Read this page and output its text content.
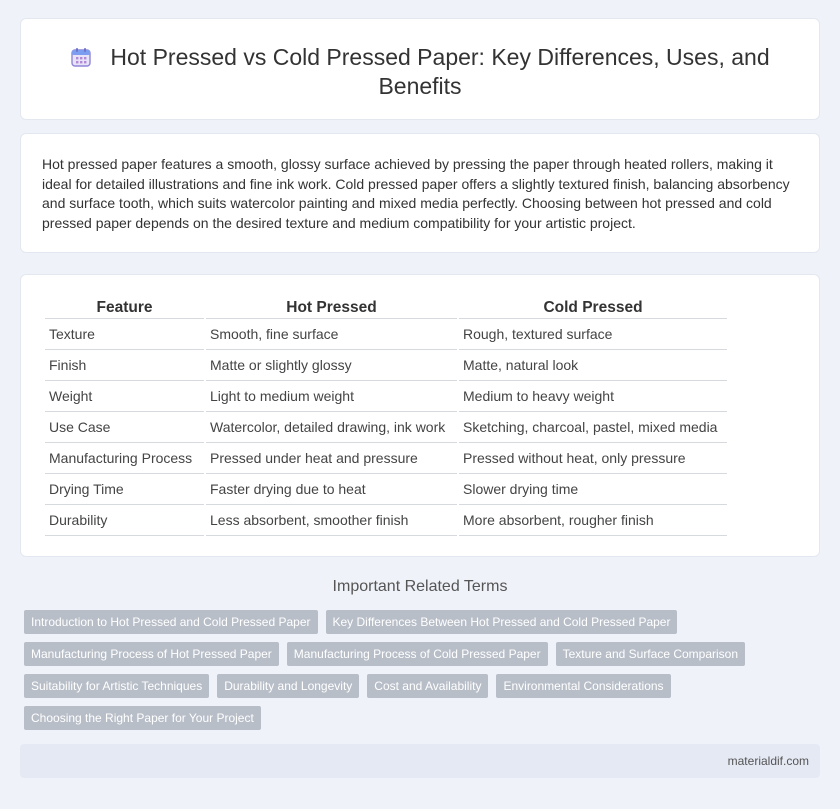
Hot Pressed vs Cold Pressed Paper: Key Differences, Uses, and Benefits

Hot pressed paper features a smooth, glossy surface achieved by pressing the paper through heated rollers, making it ideal for detailed illustrations and fine ink work. Cold pressed paper offers a slightly textured finish, balancing absorbency and surface tooth, which suits watercolor painting and mixed media perfectly. Choosing between hot pressed and cold pressed paper depends on the desired texture and medium compatibility for your artistic project.

Feature	Hot Pressed	Cold Pressed
Texture	Smooth, fine surface	Rough, textured surface
Finish	Matte or slightly glossy	Matte, natural look
Weight	Light to medium weight	Medium to heavy weight
Use Case	Watercolor, detailed drawing, ink work	Sketching, charcoal, pastel, mixed media
Manufacturing Process	Pressed under heat and pressure	Pressed without heat, only pressure
Drying Time	Faster drying due to heat	Slower drying time
Durability	Less absorbent, smoother finish	More absorbent, rougher finish
Important Related Terms
Introduction to Hot Pressed and Cold Pressed Paper	Key Differences Between Hot Pressed and Cold Pressed Paper
Manufacturing Process of Hot Pressed Paper	Manufacturing Process of Cold Pressed Paper	Texture and Surface Comparison
Suitability for Artistic Techniques	Durability and Longevity	Cost and Availability	Environmental Considerations
Choosing the Right Paper for Your Project
materialdif.com
